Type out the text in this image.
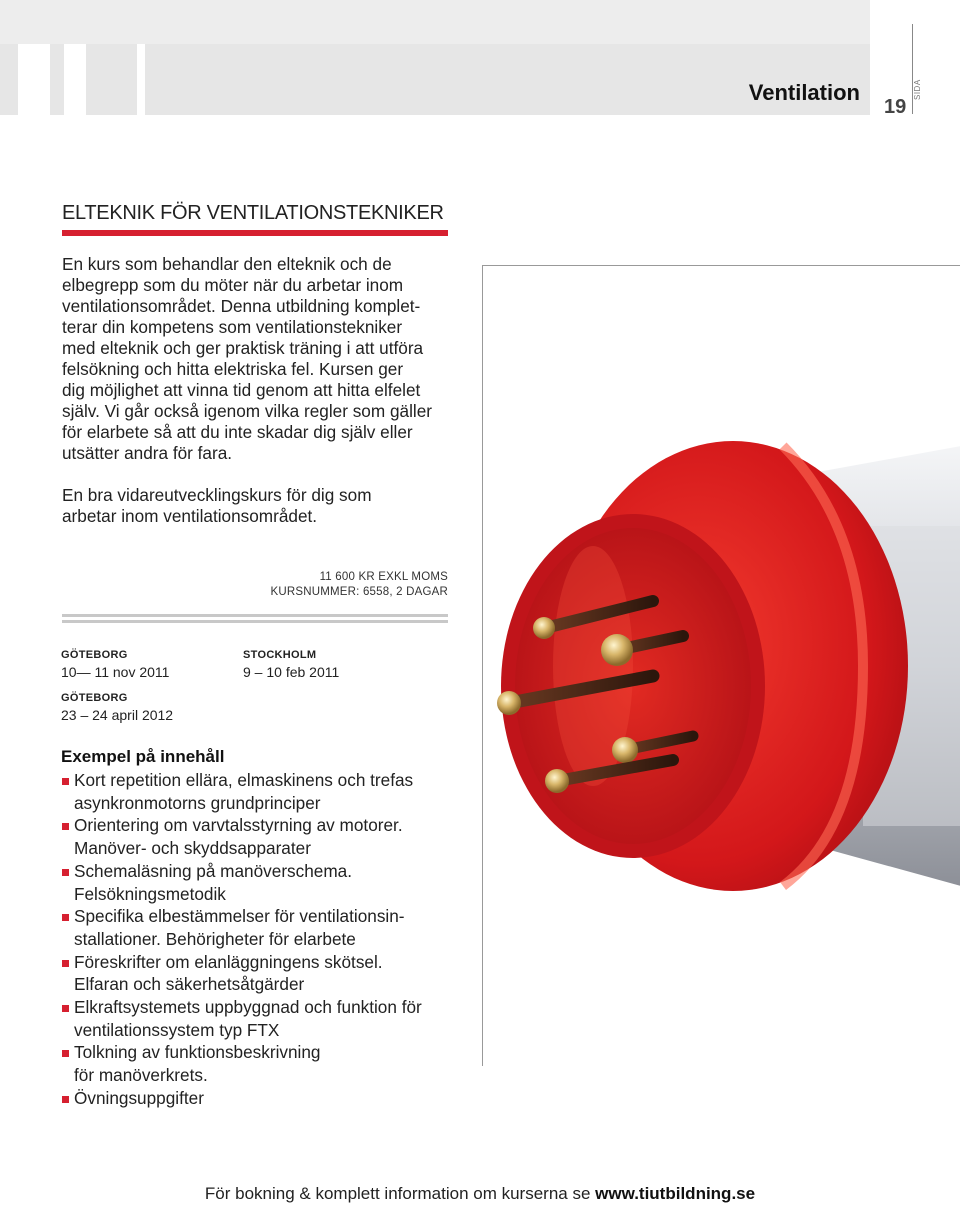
Ventilation
19
SIDA
ELTEKNIK FÖR VENTILATIONSTEKNIKER

En kurs som behandlar den elteknik och de
elbegrepp som du möter när du arbetar inom
ventilationsområdet. Denna utbildning komplet-
terar din kompetens som ventilationstekniker
med elteknik och ger praktisk träning i att utföra
felsökning och hitta elektriska fel. Kursen ger
dig möjlighet att vinna tid genom att hitta elfelet
själv. Vi går också igenom vilka regler som gäller
för elarbete så att du inte skadar dig själv eller
utsätter andra för fara.

En bra vidareutvecklingskurs för dig som
arbetar inom ventilationsområdet.

11 600 KR EXKL MOMS
KURSNUMMER: 6558, 2 DAGAR
GÖTEBORG
10— 11 nov 2011
STOCKHOLM
9 – 10 feb 2011
GÖTEBORG
23 – 24 april 2012
Exempel på innehåll
Kort repetition ellära, elmaskinens och trefas
asynkronmotorns grundprinciper
Orientering om varvtalsstyrning av motorer.
Manöver- och skyddsapparater
Schemaläsning på manöverschema.
Felsökningsmetodik
Specifika elbestämmelser för ventilationsin-
stallationer. Behörigheter för elarbete
Föreskrifter om elanläggningens skötsel.
Elfaran och säkerhetsåtgärder
Elkraftsystemets uppbyggnad och funktion för
ventilationssystem typ FTX
Tolkning av funktionsbeskrivning
för manöverkrets.
Övningsuppgifter
För bokning & komplett information om kurserna se www.tiutbildning.se
